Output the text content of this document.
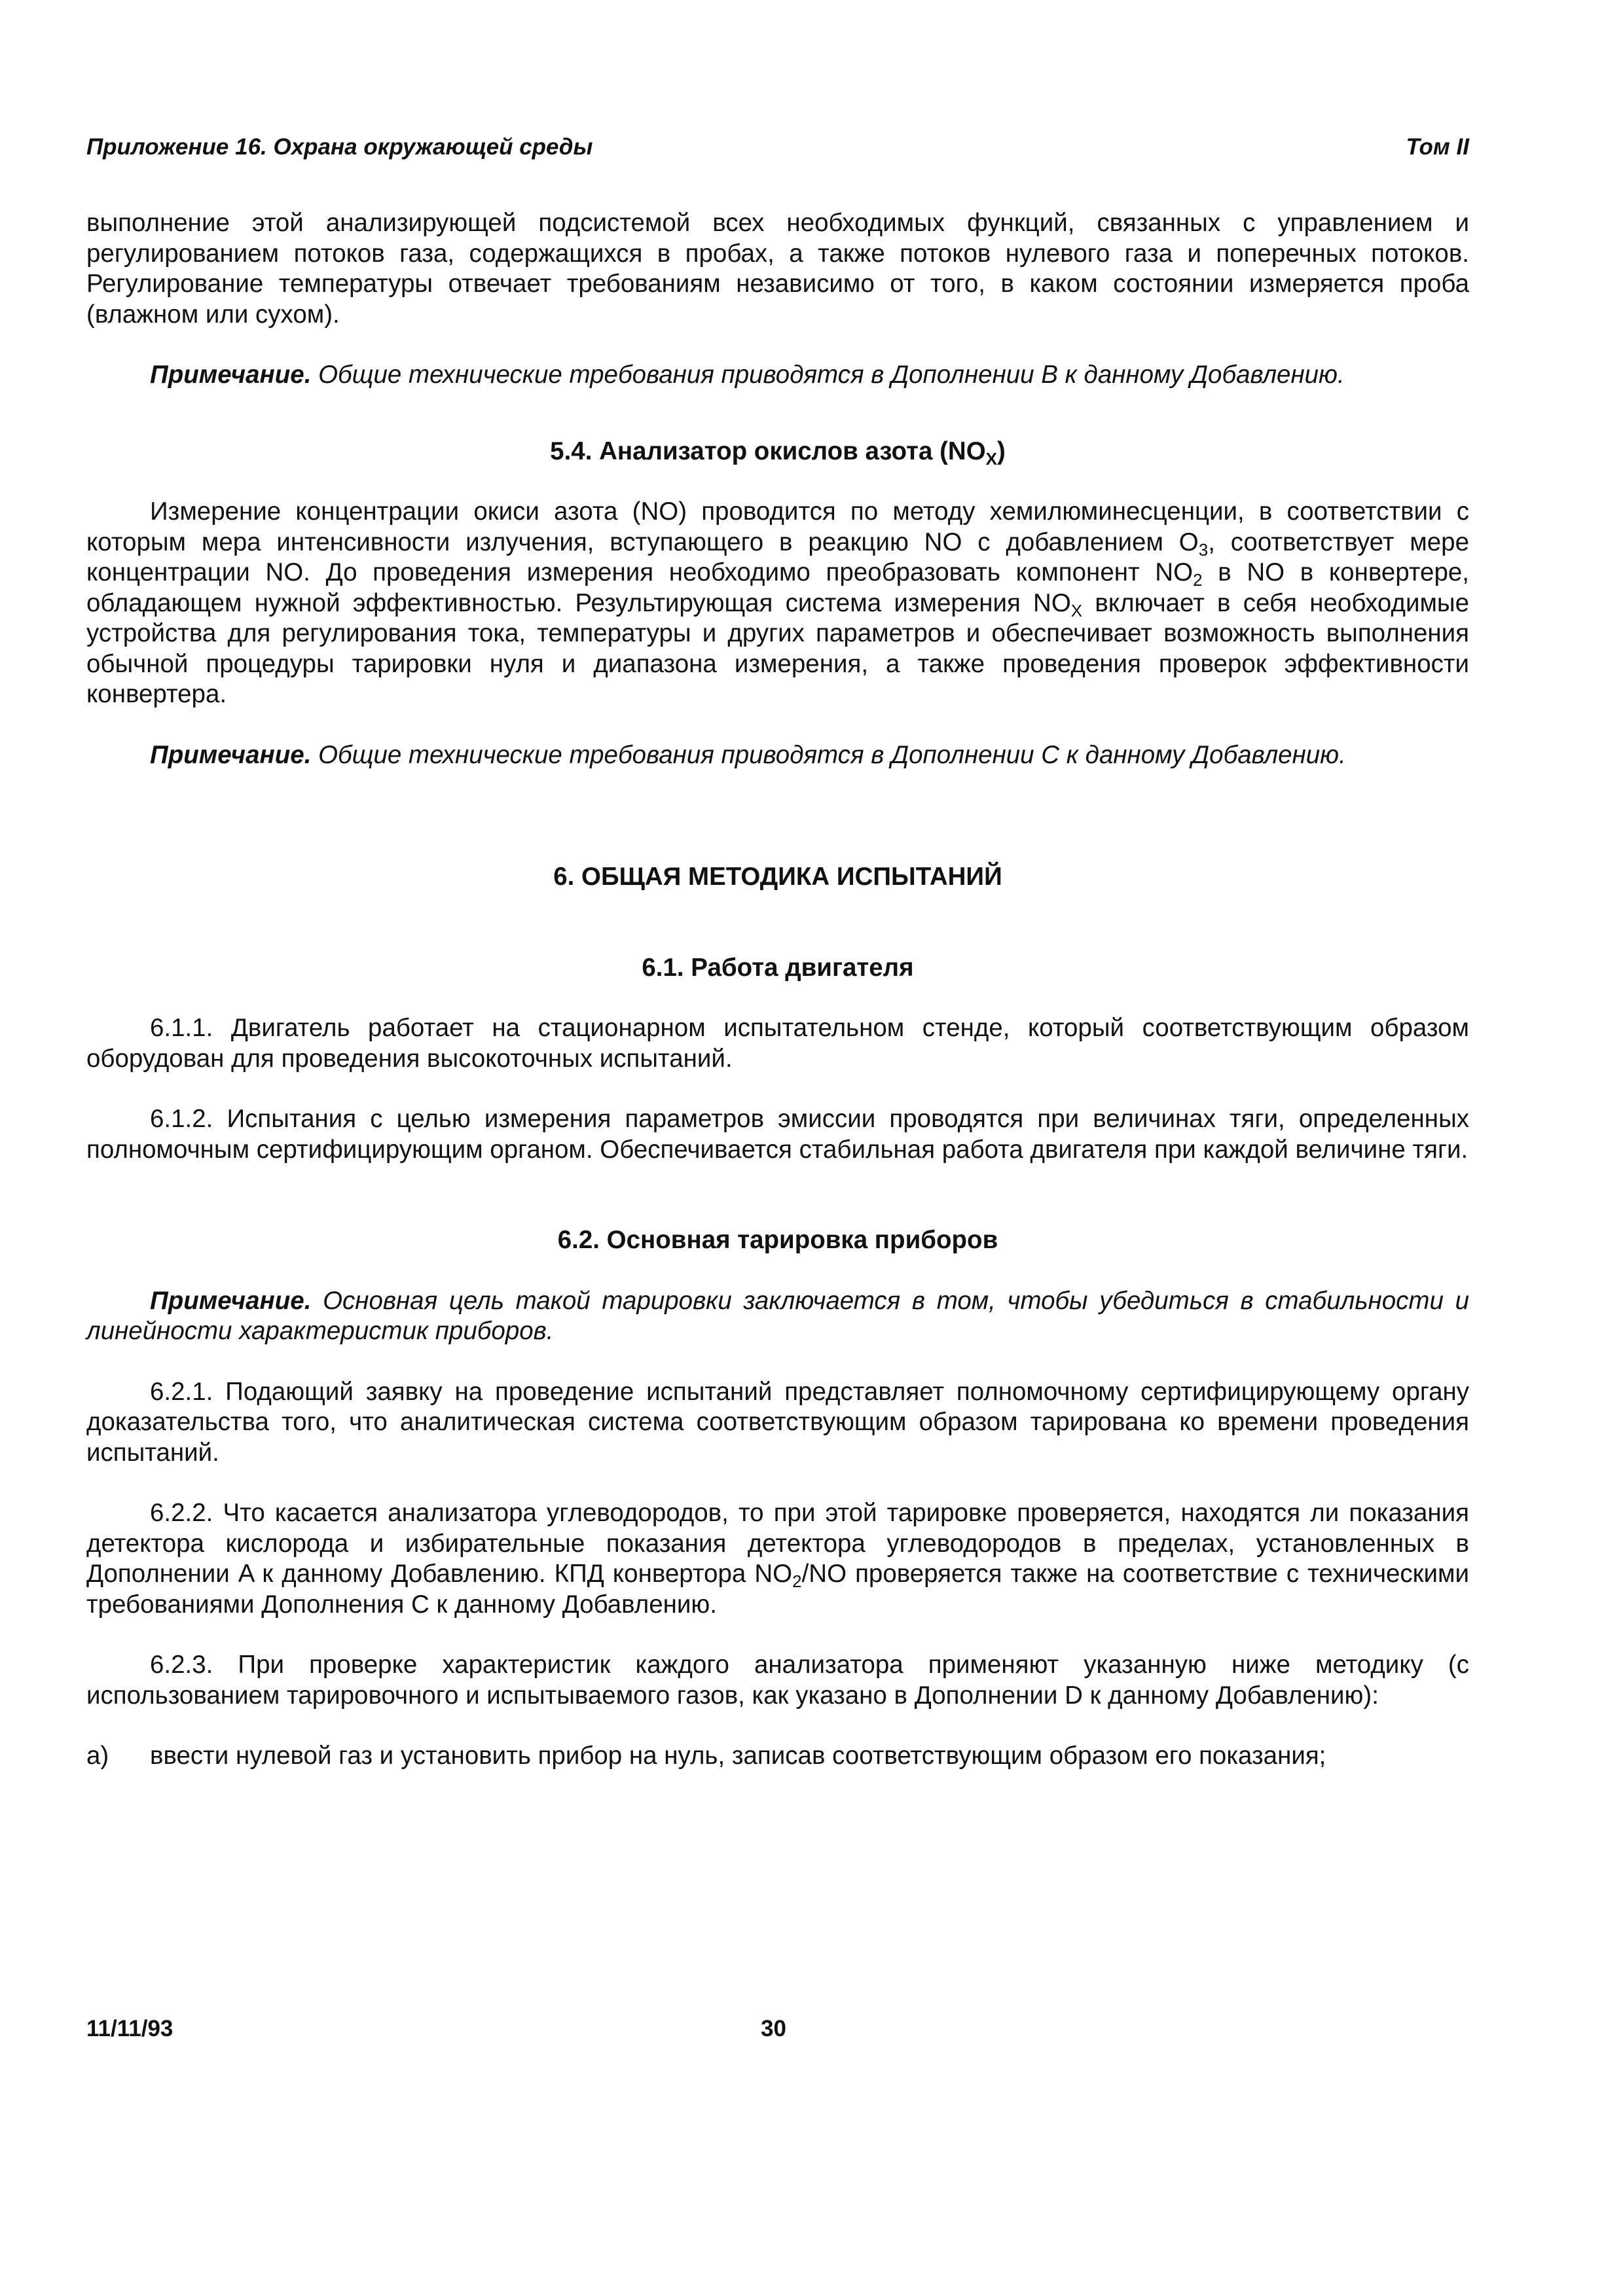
Приложение 16. Охрана окружающей среды	Том II

выполнение этой анализирующей подсистемой всех необходимых функций, связанных с управлением и регулированием потоков газа, содержащихся в пробах, а также потоков нулевого газа и поперечных потоков. Регулирование температуры отвечает требованиям независимо от того, в каком состоянии измеряется проба (влажном или сухом).

Примечание. Общие технические требования приводятся в Дополнении B к данному Добавлению.

5.4. Анализатор окислов азота $(NO_X)$

Измерение концентрации окиси азота (NO) проводится по методу хемилюминесценции, в соответствии с которым мера интенсивности излучения, вступающего в реакцию NO с добавлением $O_3$, соответствует мере концентрации NO. До проведения измерения необходимо преобразовать компонент $NO_2$ в NO в конвертере, обладающем нужной эффективностью. Результирующая система измерения $NO_X$ включает в себя необходимые устройства для регулирования тока, температуры и других параметров и обеспечивает возможность выполнения обычной процедуры тарировки нуля и диапазона измерения, а также проведения проверок эффективности конвертера.

Примечание. Общие технические требования приводятся в Дополнении C к данному Добавлению.

6. ОБЩАЯ МЕТОДИКА ИСПЫТАНИЙ
6.1. Работа двигателя

6.1.1. Двигатель работает на стационарном испытательном стенде, который соответствующим образом оборудован для проведения высокоточных испытаний.

6.1.2. Испытания с целью измерения параметров эмиссии проводятся при величинах тяги, определенных полномочным сертифицирующим органом. Обеспечивается стабильная работа двигателя при каждой величине тяги.

6.2. Основная тарировка приборов

Примечание. Основная цель такой тарировки заключается в том, чтобы убедиться в стабильности и линейности характеристик приборов.

6.2.1. Подающий заявку на проведение испытаний представляет полномочному сертифицирующему органу доказательства того, что аналитическая система соответствующим образом тарирована ко времени проведения испытаний.

6.2.2. Что касается анализатора углеводородов, то при этой тарировке проверяется, находятся ли показания детектора кислорода и избирательные показания детектора углеводородов в пределах, установленных в Дополнении A к данному Добавлению. КПД конвертора $NO_2/NO$ проверяется также на соответствие с техническими требованиями Дополнения C к данному Добавлению.

6.2.3. При проверке характеристик каждого анализатора применяют указанную ниже методику (с использованием тарировочного и испытываемого газов, как указано в Дополнении D к данному Добавлению):

a) ввести нулевой газ и установить прибор на нуль, записав соответствующим образом его показания;

11/11/93	30
